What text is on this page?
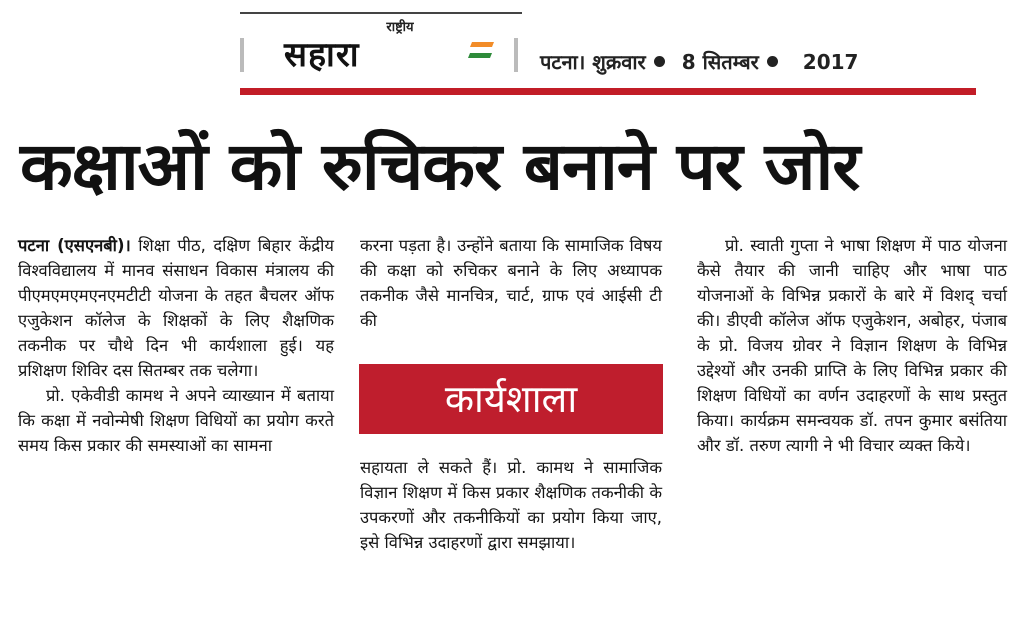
राष्ट्रीय
सहारा	पटना। शुक्रवार 8 सितम्बर 2017
कक्षाओं को रुचिकर बनाने पर जोर

पटना (एसएनबी)। शिक्षा पीठ, दक्षिण बिहार केंद्रीय विश्वविद्यालय में मानव संसाधन विकास मंत्रालय की पीएमएमएमएनएमटीटी योजना के तहत बैचलर ऑफ एजुकेशन कॉलेज के शिक्षकों के लिए शैक्षणिक तकनीक पर चौथे दिन भी कार्यशाला हुई। यह प्रशिक्षण शिविर दस सितम्बर तक चलेगा।

प्रो. एकेवीडी कामथ ने अपने व्याख्यान में बताया कि कक्षा में नवोन्मेषी शिक्षण विधियों का प्रयोग करते समय किस प्रकार की समस्याओं का सामना

करना पड़ता है। उन्होंने बताया कि सामाजिक विषय की कक्षा को रुचिकर बनाने के लिए अध्यापक तकनीक जैसे मानचित्र, चार्ट, ग्राफ एवं आईसी टी की
कार्यशाला
सहायता ले सकते हैं। प्रो. कामथ ने सामाजिक विज्ञान शिक्षण में किस प्रकार शैक्षणिक तकनीकी के उपकरणों और तकनीकियों का प्रयोग किया जाए, इसे विभिन्न उदाहरणों द्वारा समझाया।

प्रो. स्वाती गुप्ता ने भाषा शिक्षण में पाठ योजना कैसे तैयार की जानी चाहिए और भाषा पाठ योजनाओं के विभिन्न प्रकारों के बारे में विशद् चर्चा की। डीएवी कॉलेज ऑफ एजुकेशन, अबोहर, पंजाब के प्रो. विजय ग्रोवर ने विज्ञान शिक्षण के विभिन्न उद्देश्यों और उनकी प्राप्ति के लिए विभिन्न प्रकार की शिक्षण विधियों का वर्णन उदाहरणों के साथ प्रस्तुत किया। कार्यक्रम समन्वयक डॉ. तपन कुमार बसंतिया और डॉ. तरुण त्यागी ने भी विचार व्यक्त किये।
